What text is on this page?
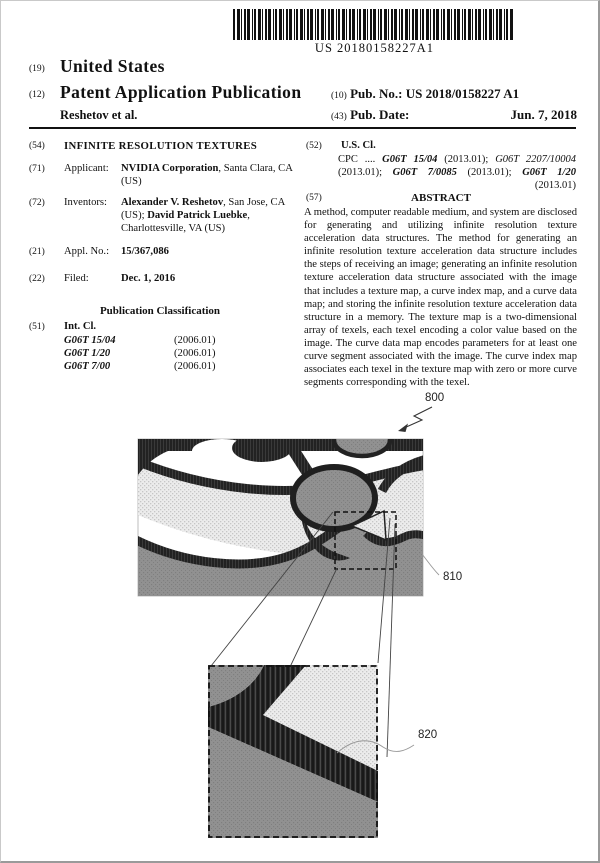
US 20180158227A1
(19) United States
(12) Patent Application Publication	(10) Pub. No.: US 2018/0158227 A1
Reshetov et al.	(43) Pub. Date:	Jun. 7, 2018
(54) INFINITE RESOLUTION TEXTURES
(71) Applicant: NVIDIA Corporation, Santa Clara, CA (US)
(72) Inventors: Alexander V. Reshetov, San Jose, CA (US); David Patrick Luebke, Charlottesville, VA (US)
(21) Appl. No.: 15/367,086
(22) Filed:	Dec. 1, 2016
Publication Classification
(51) Int. Cl.
G06T 15/04	(2006.01)
G06T 1/20	(2006.01)
G06T 7/00	(2006.01)
(52) U.S. Cl.
CPC .... G06T 15/04 (2013.01); G06T 2207/10004 (2013.01); G06T 7/0085 (2013.01); G06T 1/20 (2013.01)
(57)	ABSTRACT
A method, computer readable medium, and system are disclosed for generating and utilizing infinite resolution texture acceleration data structures. The method for generating an infinite resolution texture acceleration data structure includes the steps of receiving an image; generating an infinite resolution texture acceleration data structure associated with the image that includes a texture map, a curve index map, and a curve data map; and storing the infinite resolution texture acceleration data structure in a memory. The texture map is a two-dimensional array of texels, each texel encoding a color value based on the image. The curve data map encodes parameters for at least one curve segment associated with the image. The curve index map associates each texel in the texture map with zero or more curve segments corresponding with the texel.
800
810
820
